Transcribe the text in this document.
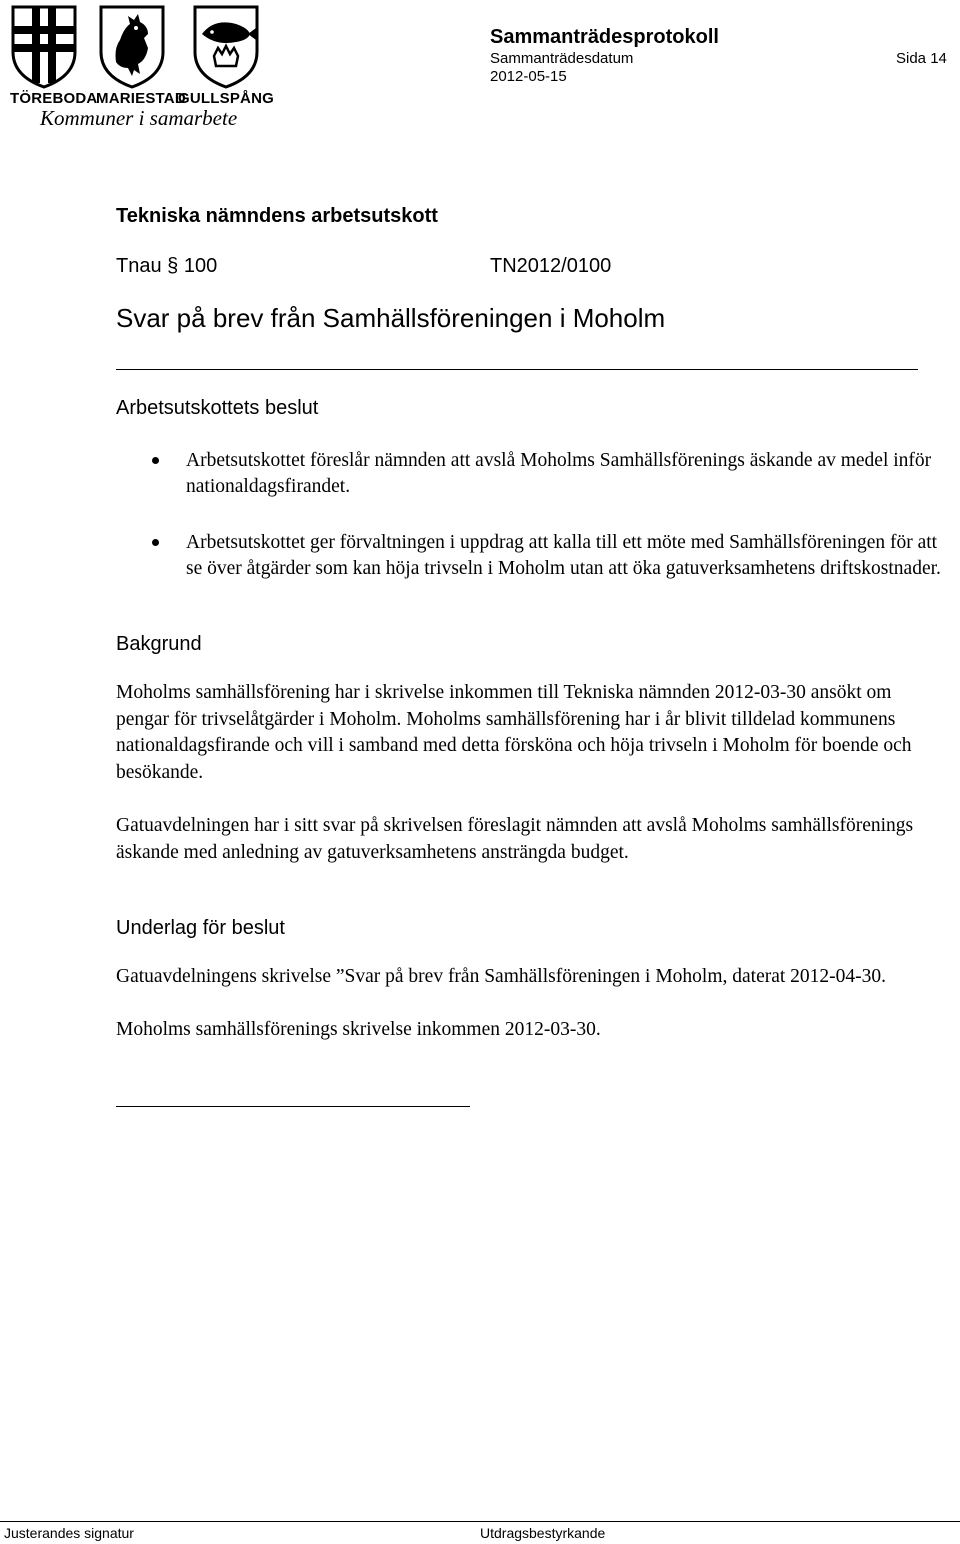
TÖREBODA
MARIESTAD
GULLSPÅNG
Kommuner i samarbete
Sammanträdesprotokoll
Sammanträdesdatum
2012-05-15
Sida 14
Tekniska nämndens arbetsutskott
Tnau § 100	TN2012/0100
Svar på brev från Samhällsföreningen i Moholm
Arbetsutskottets beslut
Arbetsutskottet föreslår nämnden att avslå Moholms Samhällsförenings äskande av medel inför nationaldagsfirandet.
Arbetsutskottet ger förvaltningen i uppdrag att kalla till ett möte med Samhällsföreningen för att se över åtgärder som kan höja trivseln i Moholm utan att öka gatuverksamhetens driftskostnader.
Bakgrund

Moholms samhällsförening har i skrivelse inkommen till Tekniska nämnden 2012-03-30 ansökt om pengar för trivselåtgärder i Moholm. Moholms samhällsförening har i år blivit tilldelad kommunens nationaldagsfirande och vill i samband med detta försköna och höja trivseln i Moholm för boende och besökande.

Gatuavdelningen har i sitt svar på skrivelsen föreslagit nämnden att avslå Moholms samhällsförenings äskande med anledning av gatuverksamhetens ansträngda budget.

Underlag för beslut

Gatuavdelningens skrivelse ”Svar på brev från Samhällsföreningen i Moholm, daterat 2012-04-30.

Moholms samhällsförenings skrivelse inkommen 2012-03-30.

Justerandes signatur	Utdragsbestyrkande
